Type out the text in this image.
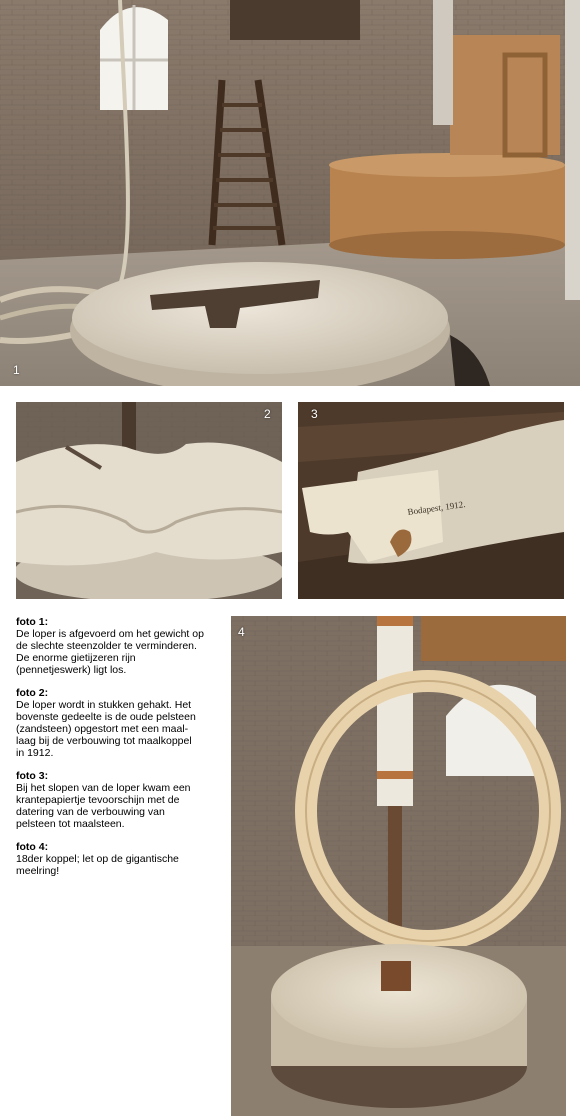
1
2
Bodapest, 1912.
3

foto 1:
De loper is afgevoerd om het gewicht op
de slechte steenzolder te verminderen.
De enorme gietijzeren rijn
(pennetjeswerk) ligt los.

foto 2:
De loper wordt in stukken gehakt. Het
bovenste gedeelte is de oude pelsteen
(zandsteen) opgestort met een maal-
laag bij de verbouwing tot maalkoppel
in 1912.

foto 3:
Bij het slopen van de loper kwam een
krantepapiertje tevoorschijn met de
datering van de verbouwing van
pelsteen tot maalsteen.

foto 4:
18der koppel; let op de gigantische
meelring!

4
